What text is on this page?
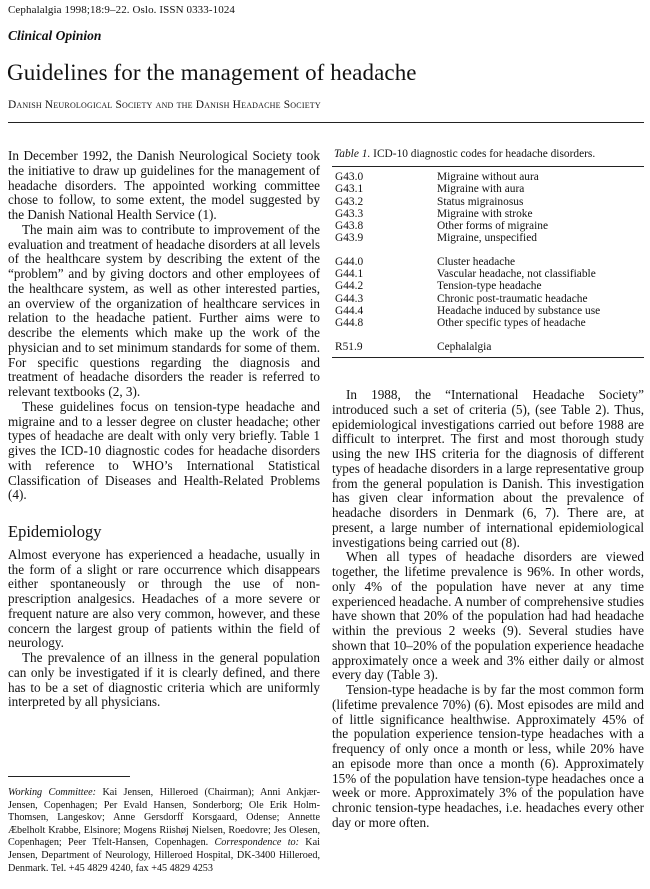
Cephalalgia 1998;18:9–22. Oslo. ISSN 0333-1024
Clinical Opinion
Guidelines for the management of headache
Danish Neurological Society and the Danish Headache Society

In December 1992, the Danish Neurological Society took the initiative to draw up guidelines for the management of headache disorders. The appointed working committee chose to follow, to some extent, the model suggested by the Danish National Health Service (1).

The main aim was to contribute to improvement of the evaluation and treatment of headache disorders at all levels of the healthcare system by describing the extent of the “problem” and by giving doctors and other employees of the healthcare system, as well as other interested parties, an overview of the organization of healthcare services in relation to the headache patient. Further aims were to describe the elements which make up the work of the physician and to set minimum standards for some of them. For specific questions regarding the diagnosis and treatment of headache disorders the reader is referred to relevant textbooks (2, 3).

These guidelines focus on tension-type headache and migraine and to a lesser degree on cluster headache; other types of headache are dealt with only very briefly. Table 1 gives the ICD-10 diagnostic codes for headache disorders with reference to WHO’s International Statistical Classification of Diseases and Health-Related Problems (4).

Epidemiology

Almost everyone has experienced a headache, usually in the form of a slight or rare occurrence which disappears either spontaneously or through the use of non-prescription analgesics. Headaches of a more severe or frequent nature are also very common, however, and these concern the largest group of patients within the field of neurology.

The prevalence of an illness in the general population can only be investigated if it is clearly defined, and there has to be a set of diagnostic criteria which are uniformly interpreted by all physicians.

Working Committee: Kai Jensen, Hilleroed (Chairman); Anni Ankjær-Jensen, Copenhagen; Per Evald Hansen, Sonderborg; Ole Erik Holm-Thomsen, Langeskov; Anne Gersdorff Korsgaard, Odense; Annette Æbelholt Krabbe, Elsinore; Mogens Riishøj Nielsen, Roedovre; Jes Olesen, Copenhagen; Peer Tfelt-Hansen, Copenhagen. Correspondence to: Kai Jensen, Department of Neurology, Hilleroed Hospital, DK-3400 Hilleroed, Denmark. Tel. +45 4829 4240, fax +45 4829 4253
Table 1. ICD-10 diagnostic codes for headache disorders.
G43.0	Migraine without aura
G43.1	Migraine with aura
G43.2	Status migrainosus
G43.3	Migraine with stroke
G43.8	Other forms of migraine
G43.9	Migraine, unspecified
G44.0	Cluster headache
G44.1	Vascular headache, not classifiable
G44.2	Tension-type headache
G44.3	Chronic post-traumatic headache
G44.4	Headache induced by substance use
G44.8	Other specific types of headache
R51.9	Cephalalgia

In 1988, the “International Headache Society” introduced such a set of criteria (5), (see Table 2). Thus, epidemiological investigations carried out before 1988 are difficult to interpret. The first and most thorough study using the new IHS criteria for the diagnosis of different types of headache disorders in a large representative group from the general population is Danish. This investigation has given clear information about the prevalence of headache disorders in Denmark (6, 7). There are, at present, a large number of international epidemiological investigations being carried out (8).

When all types of headache disorders are viewed together, the lifetime prevalence is 96%. In other words, only 4% of the population have never at any time experienced headache. A number of comprehensive studies have shown that 20% of the population had had headache within the previous 2 weeks (9). Several studies have shown that 10–20% of the population experience headache approximately once a week and 3% either daily or almost every day (Table 3).

Tension-type headache is by far the most common form (lifetime prevalence 70%) (6). Most episodes are mild and of little significance healthwise. Approximately 45% of the population experience tension-type headaches with a frequency of only once a month or less, while 20% have an episode more than once a month (6). Approximately 15% of the population have tension-type headaches once a week or more. Approximately 3% of the population have chronic tension-type headaches, i.e. headaches every other day or more often.
